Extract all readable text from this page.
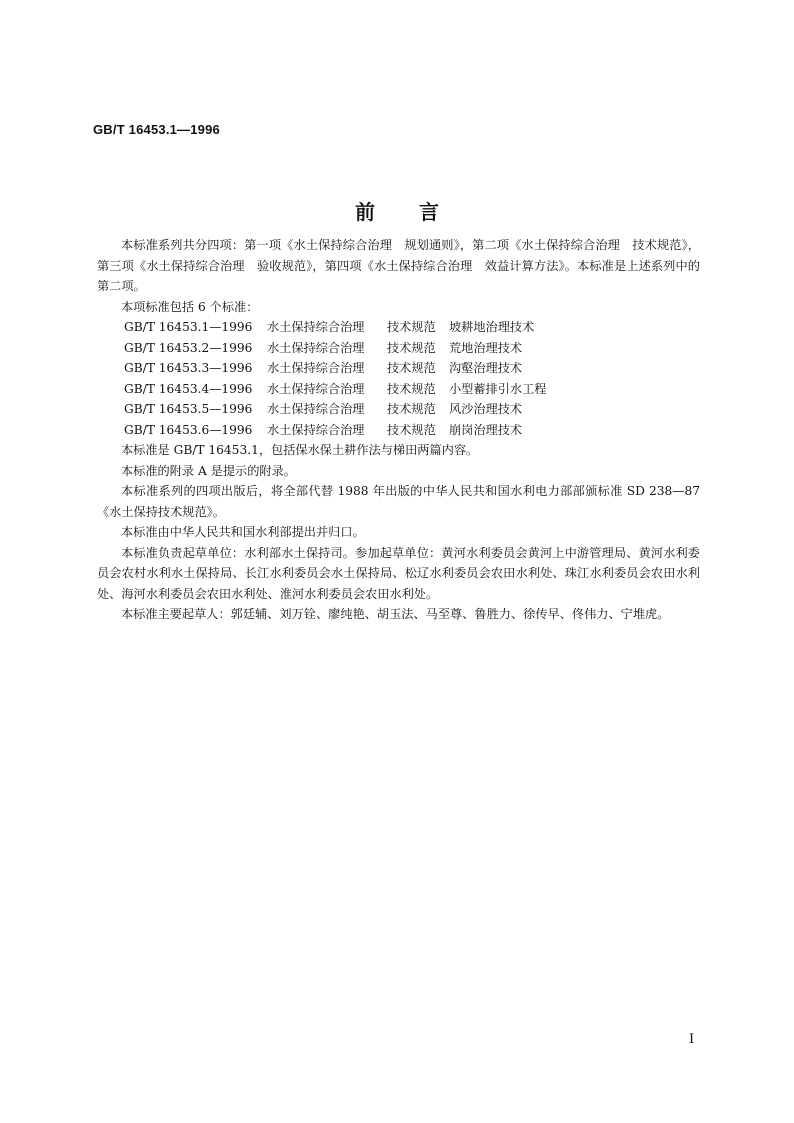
GB/T 16453.1—1996
前言

本标准系列共分四项：第一项《水土保持综合治理　规划通则》，第二项《水土保持综合治理　技术规范》，第三项《水土保持综合治理　验收规范》，第四项《水土保持综合治理　效益计算方法》。本标准是上述系列中的第二项。

本项标准包括 6 个标准：

GB/T 16453.1—1996	水土保持综合治理	技术规范	坡耕地治理技术
GB/T 16453.2—1996	水土保持综合治理	技术规范	荒地治理技术
GB/T 16453.3—1996	水土保持综合治理	技术规范	沟壑治理技术
GB/T 16453.4—1996	水土保持综合治理	技术规范	小型蓄排引水工程
GB/T 16453.5—1996	水土保持综合治理	技术规范	风沙治理技术
GB/T 16453.6—1996	水土保持综合治理	技术规范	崩岗治理技术

本标准是 GB/T 16453.1，包括保水保土耕作法与梯田两篇内容。

本标准的附录 A 是提示的附录。

本标准系列的四项出版后，将全部代替 1988 年出版的中华人民共和国水利电力部部颁标准 SD 238—87《水土保持技术规范》。

本标准由中华人民共和国水利部提出并归口。

本标准负责起草单位：水利部水土保持司。参加起草单位：黄河水利委员会黄河上中游管理局、黄河水利委员会农村水利水土保持局、长江水利委员会水土保持局、松辽水利委员会农田水利处、珠江水利委员会农田水利处、海河水利委员会农田水利处、淮河水利委员会农田水利处。

本标准主要起草人：郭廷辅、刘万铨、廖纯艳、胡玉法、马至尊、鲁胜力、徐传早、佟伟力、宁堆虎。

I
